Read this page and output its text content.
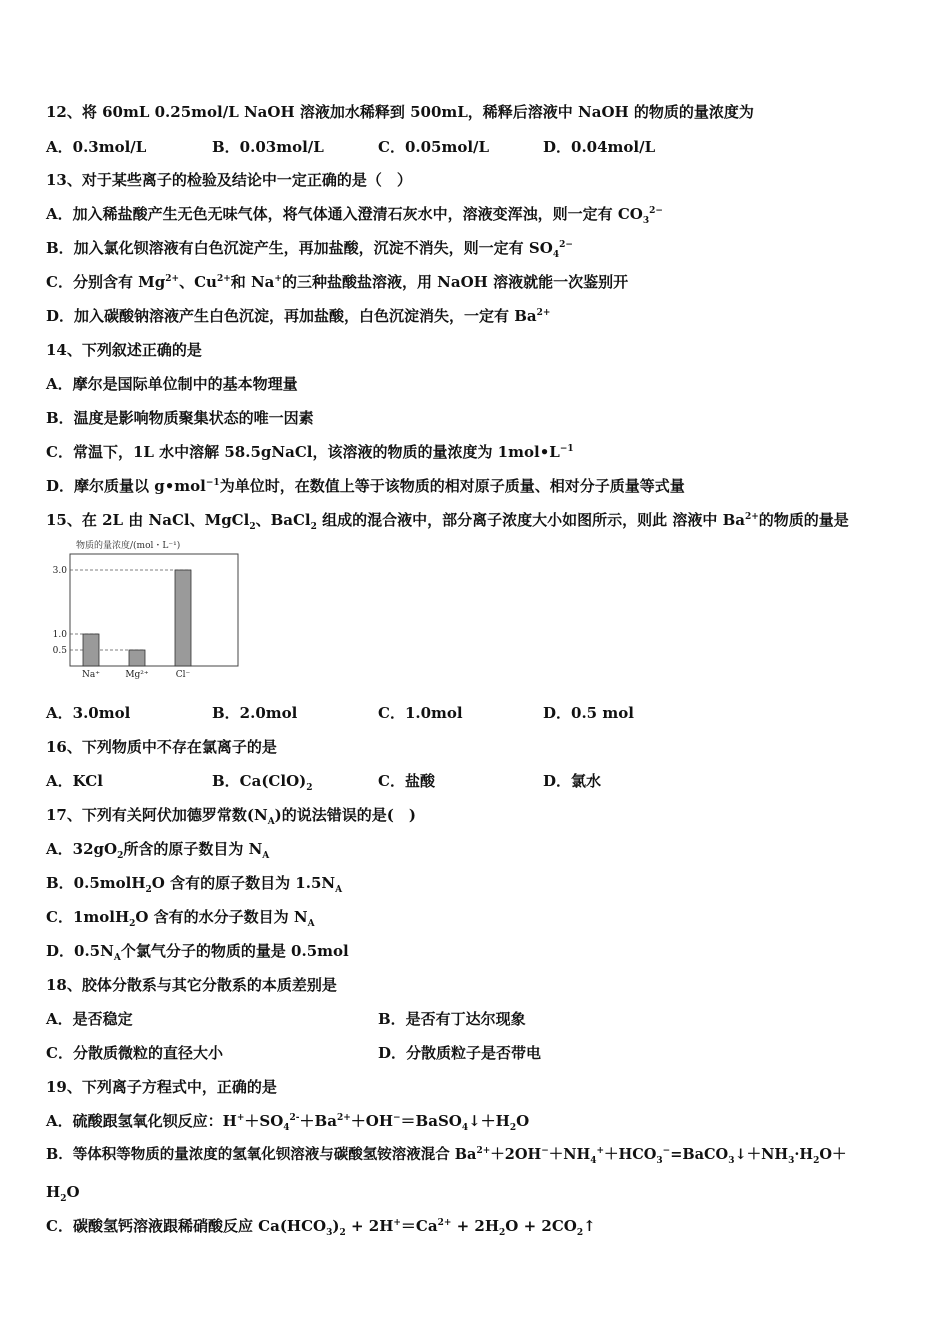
12、将 60mL 0.25mol/L NaOH 溶液加水稀释到 500mL，稀释后溶液中 NaOH 的物质的量浓度为
A．0.3mol/L	B．0.03mol/L	C．0.05mol/L	D．0.04mol/L
13、对于某些离子的检验及结论中一定正确的是（　）
A．加入稀盐酸产生无色无味气体，将气体通入澄清石灰水中，溶液变浑浊，则一定有 $CO_3^{2-}$
B．加入氯化钡溶液有白色沉淀产生，再加盐酸，沉淀不消失，则一定有 $SO_4^{2-}$
C．分别含有 $Mg^{2+}$、$Cu^{2+}$和 Na+的三种盐酸盐溶液，用 NaOH 溶液就能一次鉴别开
D．加入碳酸钠溶液产生白色沉淀，再加盐酸，白色沉淀消失，一定有 $Ba^{2+}$
14、下列叙述正确的是
A．摩尔是国际单位制中的基本物理量
B．温度是影响物质聚集状态的唯一因素
C．常温下，1L 水中溶解 58.5gNaCl，该溶液的物质的量浓度为 $1mol•L^{-1}$
D．摩尔质量以 g•mol$^{-1}$为单位时，在数值上等于该物质的相对原子质量、相对分子质量等式量
15、在 2L 由 NaCl、MgCl$_2$、BaCl$_2$ 组成的混合液中，部分离子浓度大小如图所示，则此 溶液中 $Ba^{2+}$的物质的量是
物质的量浓度/(mol・L⁻¹)
3.0
1.0
0.5
Na⁺	Mg²⁺	Cl⁻
A．3.0mol	B．2.0mol	C．1.0mol	D．0.5 mol
16、下列物质中不存在氯离子的是
A．KCl	B．$Ca(ClO)_2$	C．盐酸	D．氯水
17、下列有关阿伏加德罗常数$(N_A)$的说法错误的是(　)
A．$32gO_2$所含的原子数目为 $N_A$
B．0.5molH$_2$O 含有的原子数目为 $1.5N_A$
C．1molH$_2$O 含有的水分子数目为 $N_A$
D．$0.5N_A$个氯气分子的物质的量是 0.5mol
18、胶体分散系与其它分散系的本质差别是
A．是否稳定	B．是否有丁达尔现象
C．分散质微粒的直径大小	D．分散质粒子是否带电
19、下列离子方程式中，正确的是
A．硫酸跟氢氧化钡反应：$H^++SO_4^{2-}+Ba^{2+}+OH^-=BaSO_4↓+H_2O$
B．等体积等物质的量浓度的氢氧化钡溶液与碳酸氢铵溶液混合 $Ba^{2+}+2OH^-+NH_4^++HCO_3^-=BaCO_3↓+NH_3\cdot H_2O+$
$H_2O$
C．碳酸氢钙溶液跟稀硝酸反应 $Ca(HCO_3)_2 + 2H^+=Ca^{2+} + 2H_2O$ + $2CO_2↑$
